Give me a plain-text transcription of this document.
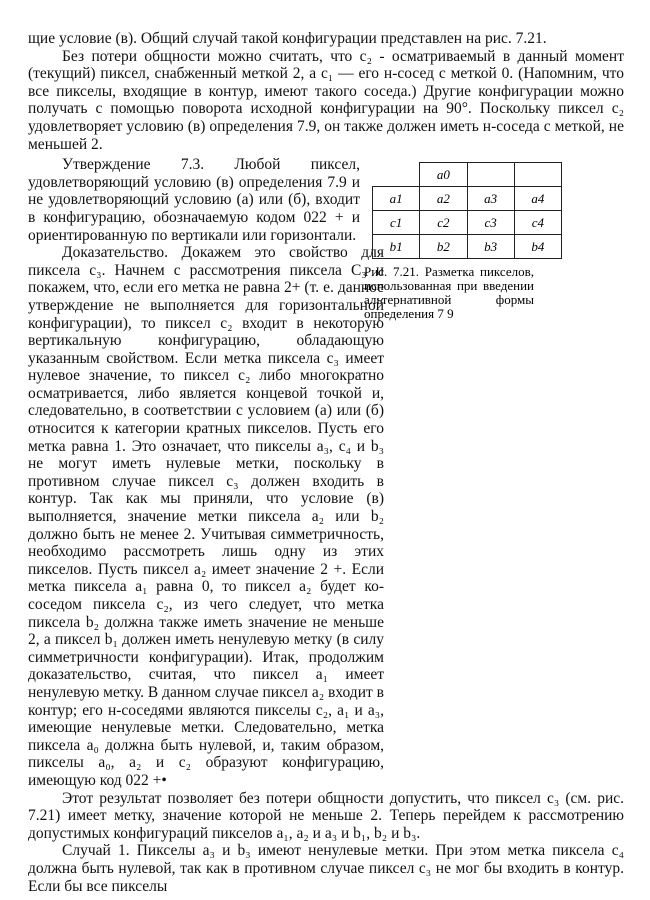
щие условие (в). Общий случай такой конфигурации представлен на рис. 7.21.

Без потери общности можно считать, что c₂ - осматриваемый в данный момент (текущий) пиксел, снабженный меткой 2, а c₁ — его н-сосед с меткой 0. (Напомним, что все пикселы, входящие в контур, имеют такого соседа.) Другие конфигурации можно получать с помощью поворота исходной конфигурации на 90°. Поскольку пиксел c₂ удовлетворяет условию (в) определения 7.9, он также должен иметь н-соседа с меткой, не меньшей 2.

Утверждение 7.3. Любой пиксел, удовлетворяющий условию (в) определения 7.9 и не удовлетворяющий условию (а) или (б), входит в конфигурацию, обозначаемую кодом 022 + и ориентированную по вертикали или горизонтали.

Доказательство. Докажем это свойство для пиксела c₃. Начнем с рассмотрения пиксела C₃ и покажем, что, если его метка не равна 2+ (т. е. данное утверждение не выполняется для горизонтальной конфигурации), то пиксел c₂ входит в некоторую вертикальную конфигурацию, обладающую указанным свойством. Если метка пиксела c₃ имеет нулевое значение, то пиксел c₂ либо многократно осматривается, либо является концевой точкой и, следовательно, в соответствии с условием (а) или (б) относится к категории кратных пикселов. Пусть его метка равна 1. Это означает, что пикселы a₃, c₄ и b₃ не могут иметь нулевые метки, поскольку в противном случае пиксел c₃ должен входить в контур. Так как мы приняли, что условие (в) выполняется, значение метки пиксела a₂ или b₂ должно быть не менее 2. Учитывая симметричность, необходимо рассмотреть лишь одну из этих пикселов. Пусть пиксел a₂ имеет значение 2 +. Если метка пиксела a₁ равна 0, то пиксел a₂ будет ко-соседом пиксела c₂, из чего следует, что метка пиксела b₂ должна также иметь значение не меньше 2, а пиксел b₁ должен иметь ненулевую метку (в силу симметричности конфигурации). Итак, продолжим доказательство, считая, что пиксел a₁ имеет ненулевую метку. В данном случае пиксел a₂ входит в контур; его н-соседями являются пикселы c₂, a₁ и a₃, имеющие ненулевые метки. Следовательно, метка пиксела a₀ должна быть нулевой, и, таким образом, пикселы a₀, a₂ и c₂ образуют конфигурацию, имеющую код 022 +•

Этот результат позволяет без потери общности допустить, что пиксел c₃ (см. рис. 7.21) имеет метку, значение которой не меньше 2. Теперь перейдем к рассмотрению допустимых конфигураций пикселов a₁, a₂ и a₃ и b₁, b₂ и b₃.

Случай 1. Пикселы a₃ и b₃ имеют ненулевые метки. При этом метка пиксела c₄ должна быть нулевой, так как в противном случае пиксел c₃ не мог бы входить в контур. Если бы все пикселы

	a0		
a1	a2	a3	a4
c1	c2	c3	c4
b1	b2	b3	b4
Рис. 7.21. Разметка пикселов, использованная при введении альтернативной формы определения 7 9
